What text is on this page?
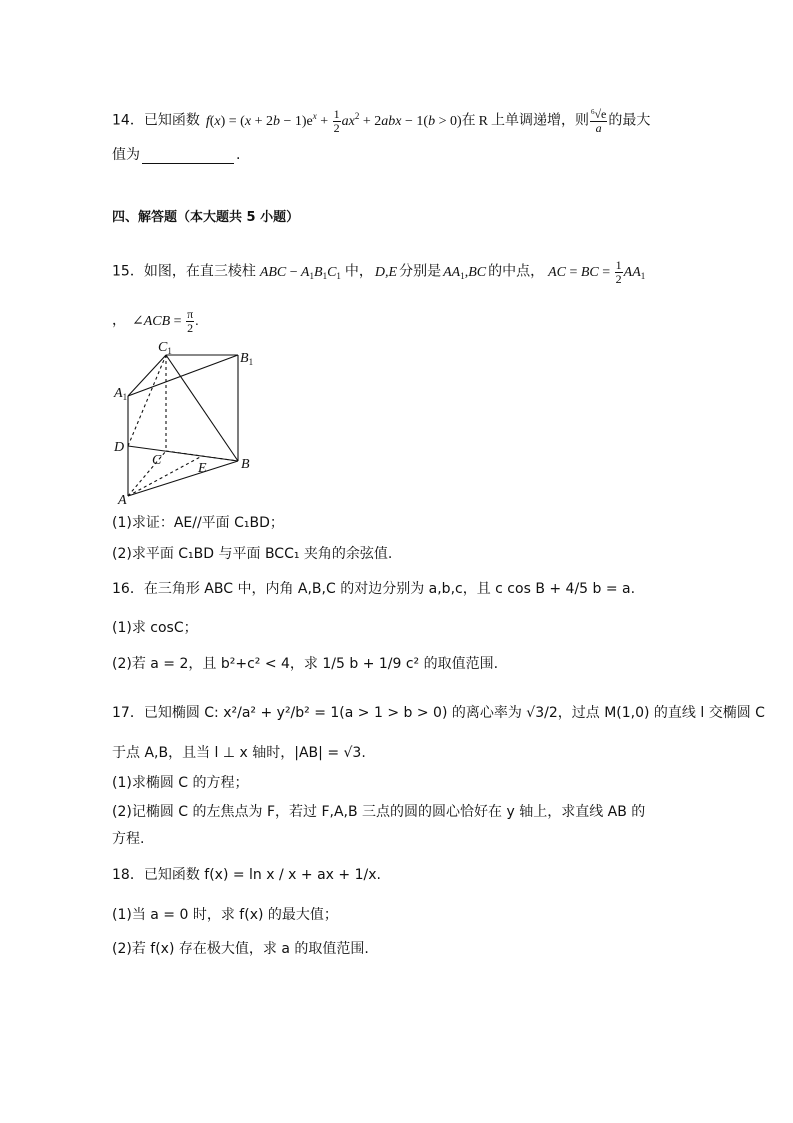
14．已知函数 $f(x) = (x + 2b - 1)e^x + \frac{1}{2} ax^2 + 2abx - 1(b > 0)$在 R 上单调递增，则 $\frac{^6√e}{a}$ 的最大
值为	.
四、解答题（本大题共 5 小题）
15．如图，在直三棱柱 ABC − $A_1B_1C_1$ 中， D,E 分别是 $AA_1,BC$ 的中点， AC = BC = $\frac{1}{2} AA_1$
， ∠ACB = $\frac{\pi}{2}$ .
$C_1$	$B_1$
$A_1$
D
C
E B
A
(1)求证：AE//平面 C₁BD；
(2)求平面 C₁BD 与平面 BCC₁ 夹角的余弦值.
16．在三角形 ABC 中，内角 A,B,C 的对边分别为 a,b,c，且 c cos B + 4/5 b = a.
(1)求 cosC；
(2)若 a = 2，且 b²+c² < 4，求 1/5 b + 1/9 c² 的取值范围.
17．已知椭圆 C: x²/a² + y²/b² = 1(a > 1 > b > 0) 的离心率为 √3/2，过点 M(1,0) 的直线 l 交椭圆 C
于点 A,B，且当 l ⊥ x 轴时，|AB| = √3.
(1)求椭圆 C 的方程；
(2)记椭圆 C 的左焦点为 F，若过 F,A,B 三点的圆的圆心恰好在 y 轴上，求直线 AB 的
方程.
18．已知函数 f(x) = ln x / x + ax + 1/x.
(1)当 a = 0 时，求 f(x) 的最大值；
(2)若 f(x) 存在极大值，求 a 的取值范围.
